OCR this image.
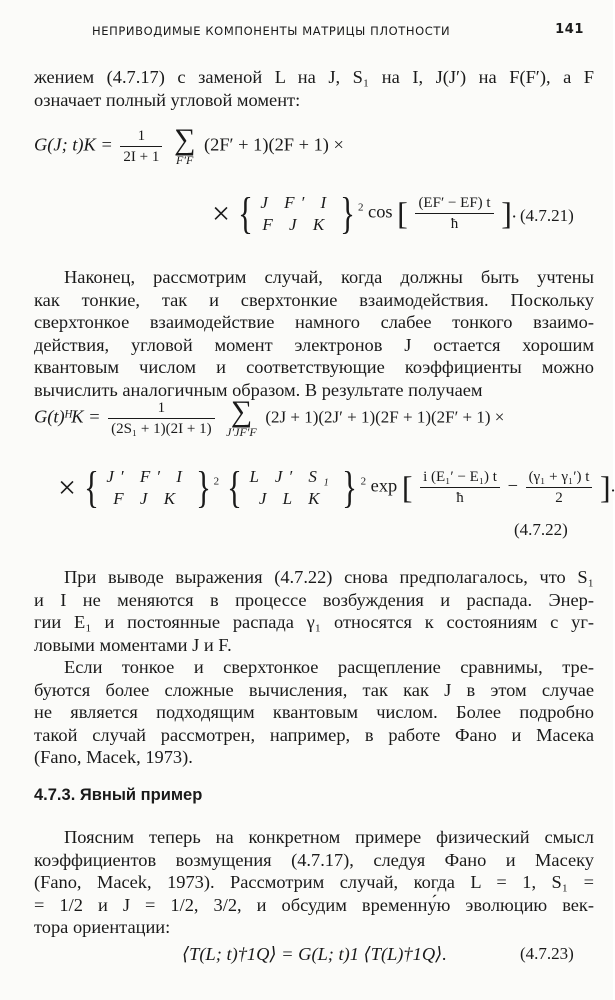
НЕПРИВОДИМЫЕ КОМПОНЕНТЫ МАТРИЦЫ ПЛОТНОСТИ	141
жением (4.7.17) с заменой L на J, S₁ на I, J(J′) на F(F′), а F
означает полный угловой момент:
G(J; $t)K = \frac{1}{2I + 1}$
∑
F′F
(2F′ + 1)(2F + 1) ×
× { J F′ I
F J K } $^2$ cos [ $\frac{(EF' - EF) t}{ħ}$ ]. (4.7.21)
Наконец, рассмотрим случай, когда должны быть учтены
как тонкие, так и сверхтонкие взаимодействия. Поскольку
сверхтонкое взаимодействие намного слабее тонкого взаимо-
действия, угловой момент электронов J остается хорошим
квантовым числом и соответствующие коэффициенты можно
вычислить аналогичным образом. В результате получаем
G(t)ᴴK = $\frac{1}{\text{(2S₁ + 1)(2I + 1)}}$
∑
J′JF′F
(2J + 1)(2J′ + 1)(2F + 1)(2F′ + 1) ×
× { J′ F′ I
F J K } $^2$ { L J′ S₁
J L K } $^2$ exp [ $\frac{\text{i (E₁′ − E₁) t}}{ħ} - \frac{\text{(γ₁ + γ₁′) t}}{2}$ ].
(4.7.22)
При выводе выражения (4.7.22) снова предполагалось, что S₁
и I не меняются в процессе возбуждения и распада. Энер-
гии E₁ и постоянные распада γ₁ относятся к состояниям с уг-
ловыми моментами J и F.
Если тонкое и сверхтонкое расщепление сравнимы, тре-
буются более сложные вычисления, так как J в этом случае
не является подходящим квантовым числом. Более подробно
такой случай рассмотрен, например, в работе Фано и Масека
(Fano, Macek, 1973).
4.7.3. Явный пример
Поясним теперь на конкретном примере физический смысл
коэффициентов возмущения (4.7.17), следуя Фано и Масеку
(Fano, Macek, 1973). Рассмотрим случай, когда L = 1, S₁ =
= 1/2 и J = 1/2, 3/2, и обсудим временну́ю эволюцию век-
тора ориентации:
⟨T(L; t)†1Q⟩ = G(L; t)1 ⟨T(L)†1Q⟩.	(4.7.23)
